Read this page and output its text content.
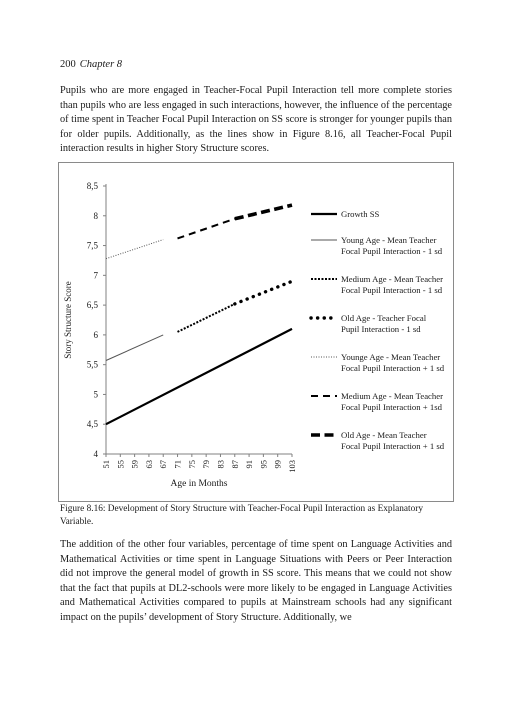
200 Chapter 8

Pupils who are more engaged in Teacher-Focal Pupil Interaction tell more complete stories than pupils who are less engaged in such interactions, however, the influence of the percentage of time spent in Teacher Focal Pupil Interaction on SS score is stronger for younger pupils than for older pupils. Additionally, as the lines show in Figure 8.16, all Teacher-Focal Pupil interaction results in higher Story Structure scores.

4
4,5
5
5,5
6
6,5
7
7,5
8
8,5
51 55 59 63 67 71 75 79 83 87 91 95 99 103
Age in Months
Story Structure Score
Growth SS
Young Age - Mean Teacher Focal Pupil Interaction - 1 sd
Medium Age - Mean Teacher Focal Pupil Interaction - 1 sd
Old Age - Teacher Focal Pupil Interaction - 1 sd
Younge Age - Mean Teacher Focal Pupil Interaction + 1 sd
Medium Age - Mean Teacher Focal Pupil Interaction + 1sd
Old Age - Mean Teacher Focal Pupil Interaction + 1 sd

Figure 8.16: Development of Story Structure with Teacher-Focal Pupil Interaction as Explanatory Variable.

The addition of the other four variables, percentage of time spent on Language Activities and Mathematical Activities or time spent in Language Situations with Peers or Peer Interaction did not improve the general model of growth in SS score. This means that we could not show that the fact that pupils at DL2-schools were more likely to be engaged in Language Activities and Mathematical Activities compared to pupils at Mainstream schools had any significant impact on the pupils’ development of Story Structure. Additionally, we
